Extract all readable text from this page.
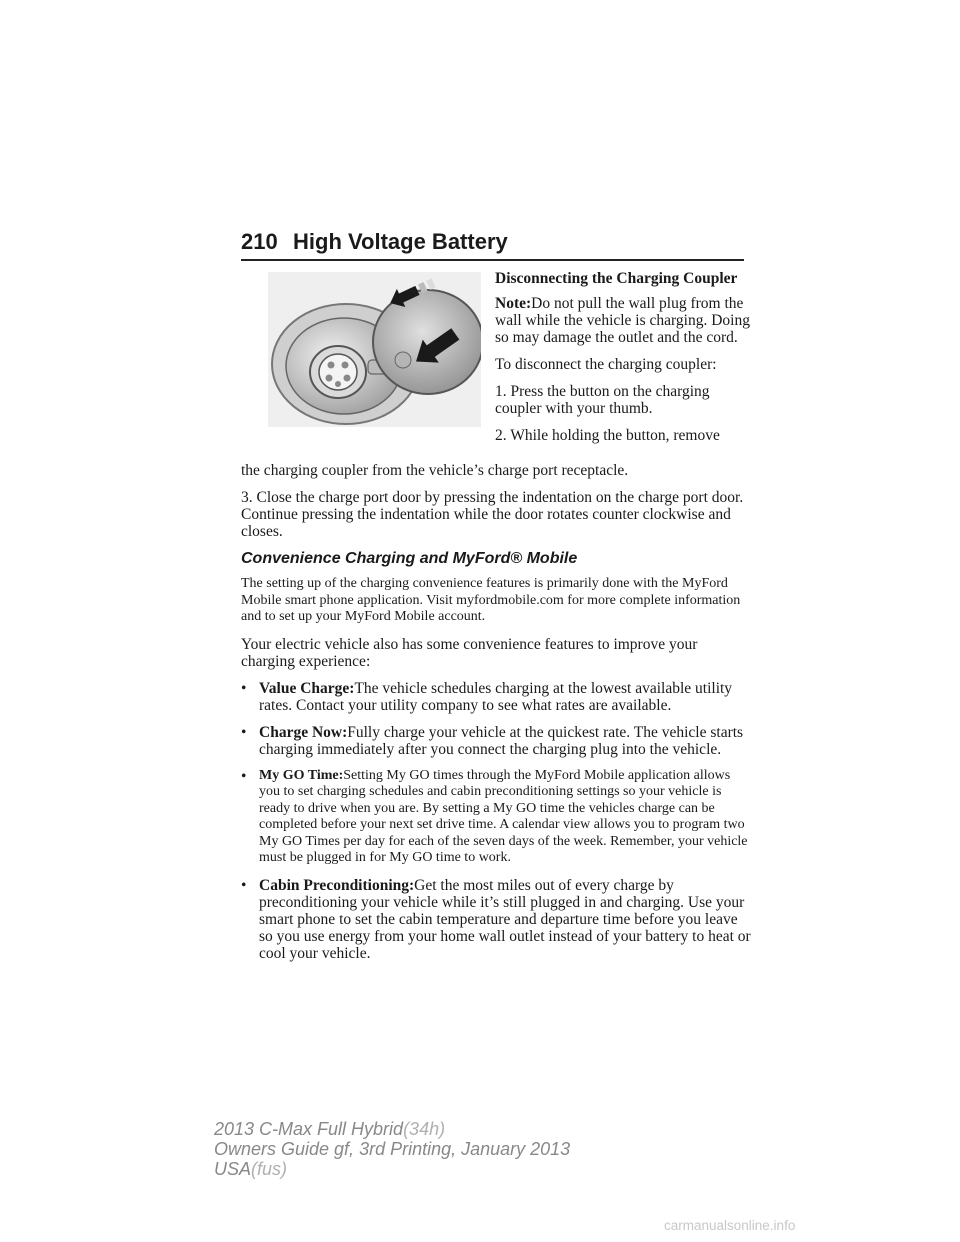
210 High Voltage Battery

Disconnecting the Charging Coupler

Note:Do not pull the wall plug from the wall while the vehicle is charging. Doing so may damage the outlet and the cord.

To disconnect the charging coupler:

1. Press the button on the charging coupler with your thumb.

2. While holding the button, remove

the charging coupler from the vehicle’s charge port receptacle.

3. Close the charge port door by pressing the indentation on the charge port door. Continue pressing the indentation while the door rotates counter clockwise and closes.

Convenience Charging and MyFord® Mobile

The setting up of the charging convenience features is primarily done with the MyFord Mobile smart phone application. Visit myfordmobile.com for more complete information and to set up your MyFord Mobile account.

Your electric vehicle also has some convenience features to improve your charging experience:

• Value Charge:The vehicle schedules charging at the lowest available utility rates. Contact your utility company to see what rates are available.
• Charge Now:Fully charge your vehicle at the quickest rate. The vehicle starts charging immediately after you connect the charging plug into the vehicle.
• My GO Time:Setting My GO times through the MyFord Mobile application allows you to set charging schedules and cabin preconditioning settings so your vehicle is ready to drive when you are. By setting a My GO time the vehicles charge can be completed before your next set drive time. A calendar view allows you to program two My GO Times per day for each of the seven days of the week. Remember, your vehicle must be plugged in for My GO time to work.
• Cabin Preconditioning:Get the most miles out of every charge by preconditioning your vehicle while it’s still plugged in and charging. Use your smart phone to set the cabin temperature and departure time before you leave so you use energy from your home wall outlet instead of your battery to heat or cool your vehicle.
2013 C-Max Full Hybrid(34h)
Owners Guide gf, 3rd Printing, January 2013
USA(fus)
carmanualsonline.info
